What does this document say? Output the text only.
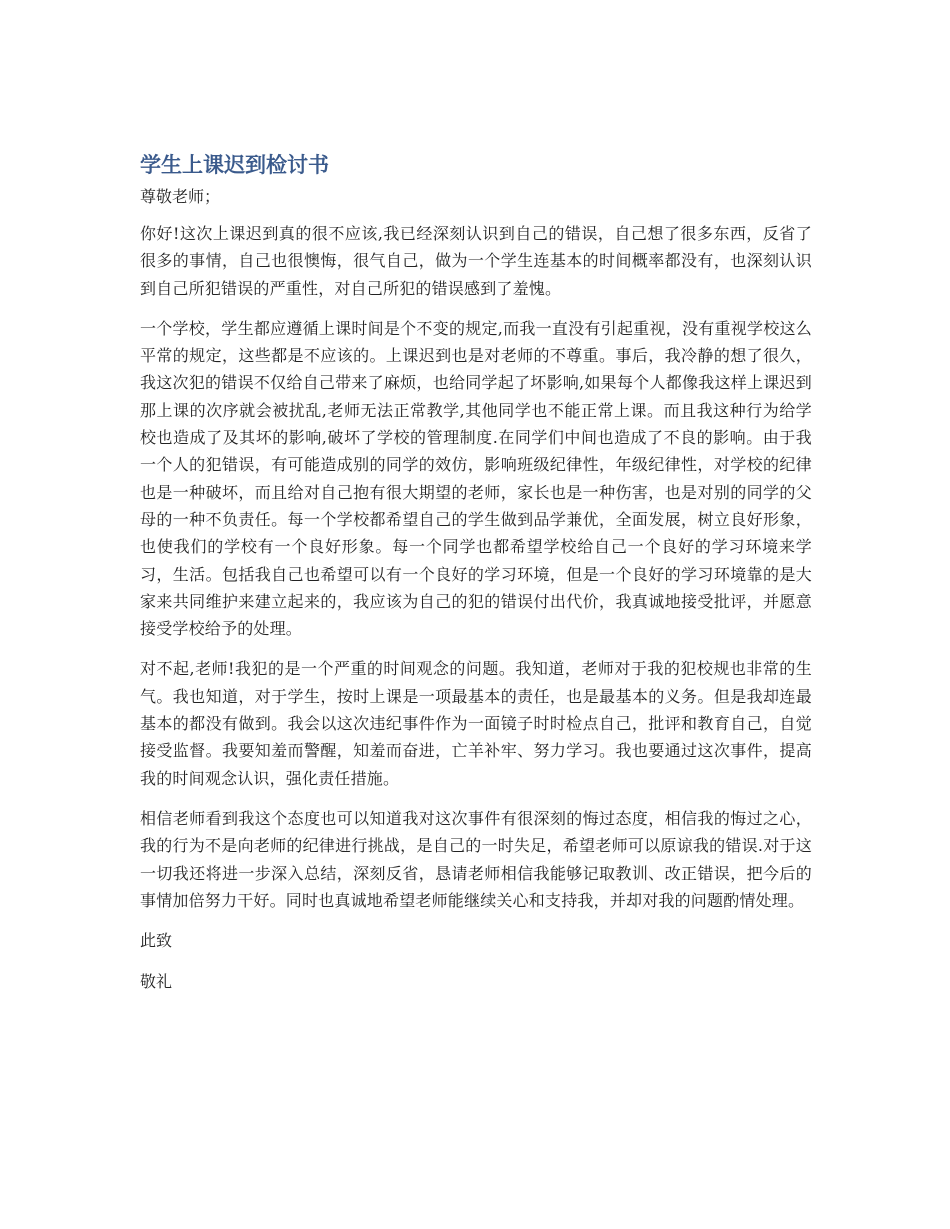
学生上课迟到检讨书

尊敬老师；

你好!这次上课迟到真的很不应该,我已经深刻认识到自己的错误，自己想了很多东西，反省了很多的事情，自己也很懊悔，很气自己，做为一个学生连基本的时间概率都没有，也深刻认识到自己所犯错误的严重性，对自己所犯的错误感到了羞愧。

一个学校，学生都应遵循上课时间是个不变的规定,而我一直没有引起重视，没有重视学校这么平常的规定，这些都是不应该的。上课迟到也是对老师的不尊重。事后，我冷静的想了很久，我这次犯的错误不仅给自己带来了麻烦，也给同学起了坏影响,如果每个人都像我这样上课迟到那上课的次序就会被扰乱,老师无法正常教学,其他同学也不能正常上课。而且我这种行为给学校也造成了及其坏的影响,破坏了学校的管理制度.在同学们中间也造成了不良的影响。由于我一个人的犯错误，有可能造成别的同学的效仿，影响班级纪律性，年级纪律性，对学校的纪律也是一种破坏，而且给对自己抱有很大期望的老师，家长也是一种伤害，也是对别的同学的父母的一种不负责任。每一个学校都希望自己的学生做到品学兼优，全面发展，树立良好形象，也使我们的学校有一个良好形象。每一个同学也都希望学校给自己一个良好的学习环境来学习，生活。包括我自己也希望可以有一个良好的学习环境，但是一个良好的学习环境靠的是大家来共同维护来建立起来的，我应该为自己的犯的错误付出代价，我真诚地接受批评，并愿意接受学校给予的处理。

对不起,老师!我犯的是一个严重的时间观念的问题。我知道，老师对于我的犯校规也非常的生气。我也知道，对于学生，按时上课是一项最基本的责任，也是最基本的义务。但是我却连最基本的都没有做到。我会以这次违纪事件作为一面镜子时时检点自己，批评和教育自己，自觉接受监督。我要知羞而警醒，知羞而奋进，亡羊补牢、努力学习。我也要通过这次事件，提高我的时间观念认识，强化责任措施。

相信老师看到我这个态度也可以知道我对这次事件有很深刻的悔过态度，相信我的悔过之心，我的行为不是向老师的纪律进行挑战，是自己的一时失足，希望老师可以原谅我的错误.对于这一切我还将进一步深入总结，深刻反省，恳请老师相信我能够记取教训、改正错误，把今后的事情加倍努力干好。同时也真诚地希望老师能继续关心和支持我，并却对我的问题酌情处理。

此致

敬礼
